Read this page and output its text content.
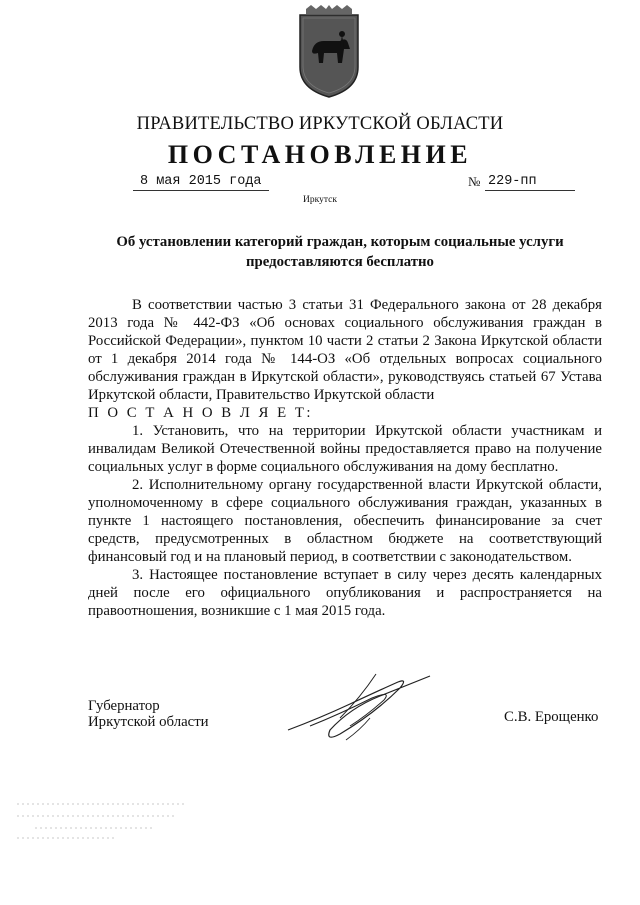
ПРАВИТЕЛЬСТВО ИРКУТСКОЙ ОБЛАСТИ
ПОСТАНОВЛЕНИЕ
8 мая 2015 года	№ 229-пп
Иркутск
Об установлении категорий граждан, которым социальные услуги
предоставляются бесплатно

В соответствии частью 3 статьи 31 Федерального закона от 28 декабря 2013 года № 442-ФЗ «Об основах социального обслуживания граждан в Российской Федерации», пунктом 10 части 2 статьи 2 Закона Иркутской области от 1 декабря 2014 года № 144-ОЗ «Об отдельных вопросах социального обслуживания граждан в Иркутской области», руководствуясь статьей 67 Устава Иркутской области, Правительство Иркутской области

П О С Т А Н О В Л Я Е Т:

1. Установить, что на территории Иркутской области участникам и инвалидам Великой Отечественной войны предоставляется право на получение социальных услуг в форме социального обслуживания на дому бесплатно.

2. Исполнительному органу государственной власти Иркутской области, уполномоченному в сфере социального обслуживания граждан, указанных в пункте 1 настоящего постановления, обеспечить финансирование за счет средств, предусмотренных в областном бюджете на соответствующий финансовый год и на плановый период, в соответствии с законодательством.

3. Настоящее постановление вступает в силу через десять календарных дней после его официального опубликования и распространяется на правоотношения, возникшие с 1 мая 2015 года.

Губернатор
Иркутской области	С.В. Ерощенко
